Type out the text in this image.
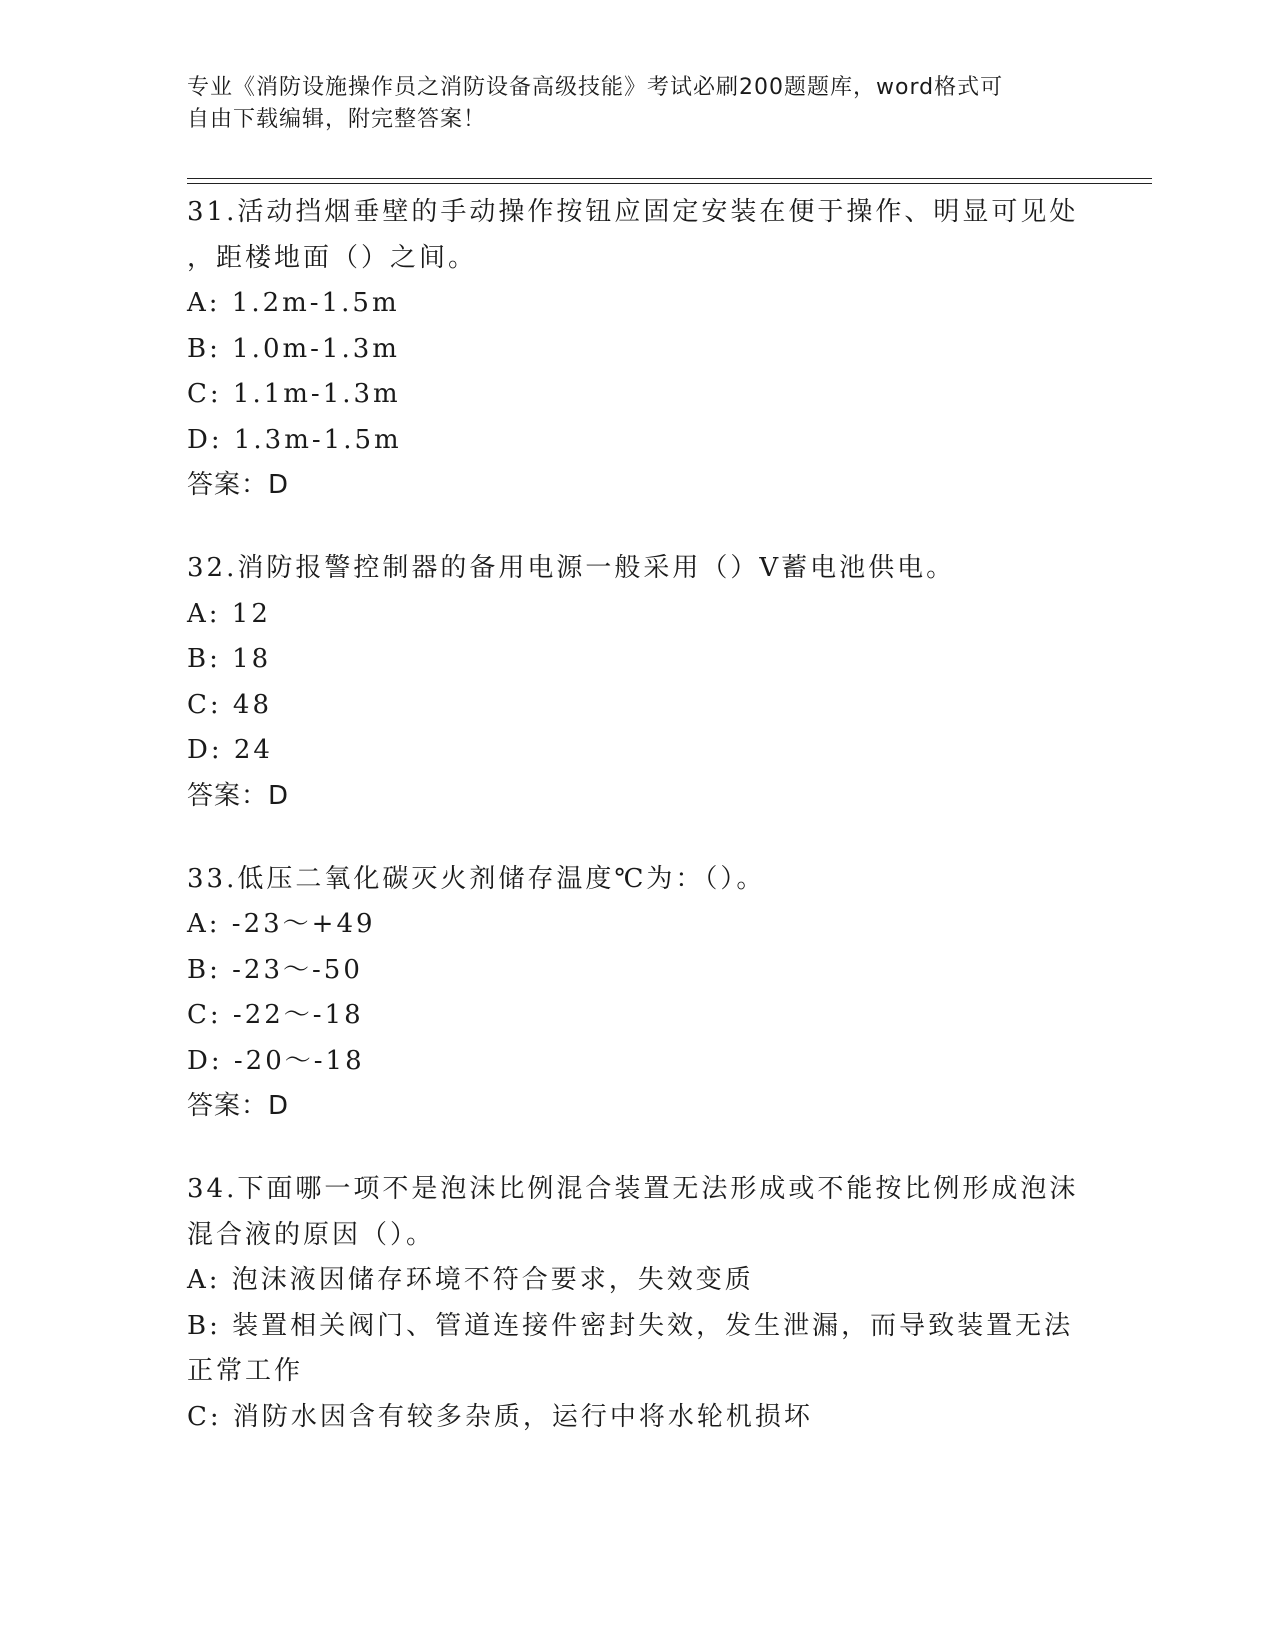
专业《消防设施操作员之消防设备高级技能》考试必刷200题题库，word格式可
自由下载编辑，附完整答案！

31.活动挡烟垂壁的手动操作按钮应固定安装在便于操作、明显可见处

，距楼地面（）之间。

A: 1.2m-1.5m

B: 1.0m-1.3m

C: 1.1m-1.3m

D: 1.3m-1.5m

答案：D

32.消防报警控制器的备用电源一般采用（）V蓄电池供电。

A: 12

B: 18

C: 48

D: 24

答案：D

33.低压二氧化碳灭火剂储存温度℃为：（）。

A: -23～+49

B: -23～-50

C: -22～-18

D: -20～-18

答案：D

34.下面哪一项不是泡沫比例混合装置无法形成或不能按比例形成泡沫

混合液的原因（）。

A: 泡沫液因储存环境不符合要求，失效变质

B: 装置相关阀门、管道连接件密封失效，发生泄漏，而导致装置无法

正常工作

C: 消防水因含有较多杂质，运行中将水轮机损坏
